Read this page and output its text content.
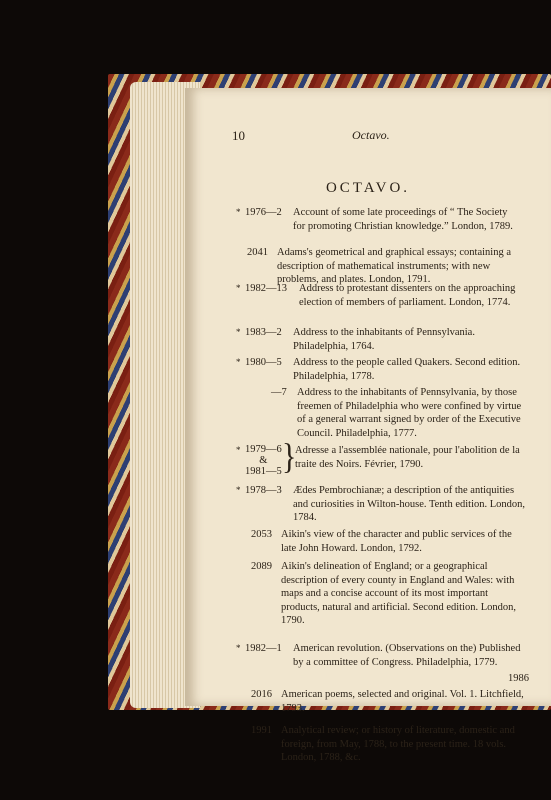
10	Octavo.
OCTAVO.
* 1976—2 Account of some late proceedings of “ The Society for promoting Christian knowledge.” London, 1789.
2041 Adams's geometrical and graphical essays; containing a description of mathematical instruments; with new problems, and plates. London, 1791.
* 1982—13 Address to protestant dissenters on the approaching election of members of parliament. London, 1774.
* 1983—2 Address to the inhabitants of Pennsylvania. Philadelphia, 1764.
* 1980—5 Address to the people called Quakers. Second edition. Philadelphia, 1778.
—7 Address to the inhabitants of Pennsylvania, by those freemen of Philadelphia who were confined by virtue of a general warrant signed by order of the Executive Council. Philadelphia, 1777.
* 1979—6
&
1981—5 }
Adresse a l'assemblée nationale, pour l'abolition de la traite des Noirs. Février, 1790.
* 1978—3 Ædes Pembrochianæ; a description of the antiquities and curiosities in Wilton-house. Tenth edition. London, 1784.
2053 Aikin's view of the character and public services of the late John Howard. London, 1792.
2089 Aikin's delineation of England; or a geographical description of every county in England and Wales: with maps and a concise account of its most important products, natural and artificial. Second edition. London, 1790.
* 1982—1 American revolution. (Observations on the) Published by a committee of Congress. Philadelphia, 1779.
2016 American poems, selected and original. Vol. 1. Litchfield, 1793.
1991 Analytical review; or history of literature, domestic and foreign, from May, 1788, to the present time. 18 vols. London, 1788, &c.
1986
